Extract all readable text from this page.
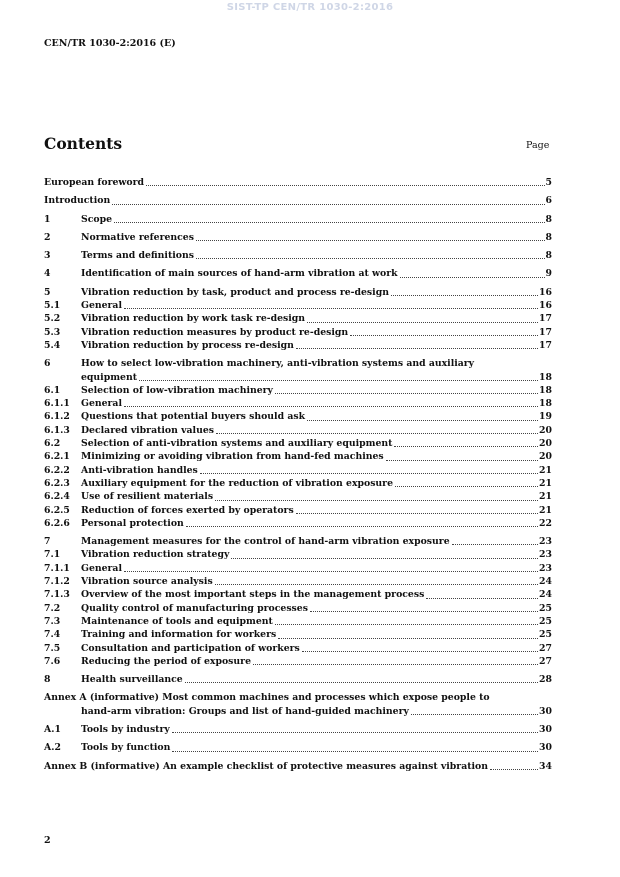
SIST-TP CEN/TR 1030-2:2016
CEN/TR 1030-2:2016 (E)
Contents	Page
European foreword	5
Introduction	6
1	Scope	8
2	Normative references	8
3	Terms and definitions	8
4	Identification of main sources of hand-arm vibration at work	9
5	Vibration reduction by task, product and process re-design	16
5.1	General	16
5.2	Vibration reduction by work task re-design	17
5.3	Vibration reduction measures by product re-design	17
5.4	Vibration reduction by process re-design	17
6	How to select low-vibration machinery, anti-vibration systems and auxiliary
equipment	18
6.1	Selection of low-vibration machinery	18
6.1.1	General	18
6.1.2	Questions that potential buyers should ask	19
6.1.3	Declared vibration values	20
6.2	Selection of anti-vibration systems and auxiliary equipment	20
6.2.1	Minimizing or avoiding vibration from hand-fed machines	20
6.2.2	Anti-vibration handles	21
6.2.3	Auxiliary equipment for the reduction of vibration exposure	21
6.2.4	Use of resilient materials	21
6.2.5	Reduction of forces exerted by operators	21
6.2.6	Personal protection	22
7	Management measures for the control of hand-arm vibration exposure	23
7.1	Vibration reduction strategy	23
7.1.1	General	23
7.1.2	Vibration source analysis	24
7.1.3	Overview of the most important steps in the management process	24
7.2	Quality control of manufacturing processes	25
7.3	Maintenance of tools and equipment	25
7.4	Training and information for workers	25
7.5	Consultation and participation of workers	27
7.6	Reducing the period of exposure	27
8	Health surveillance	28
Annex A (informative) Most common machines and processes which expose people to
hand-arm vibration: Groups and list of hand-guided machinery	30
A.1	Tools by industry	30
A.2	Tools by function	30
Annex B (informative) An example checklist of protective measures against vibration	34
2
